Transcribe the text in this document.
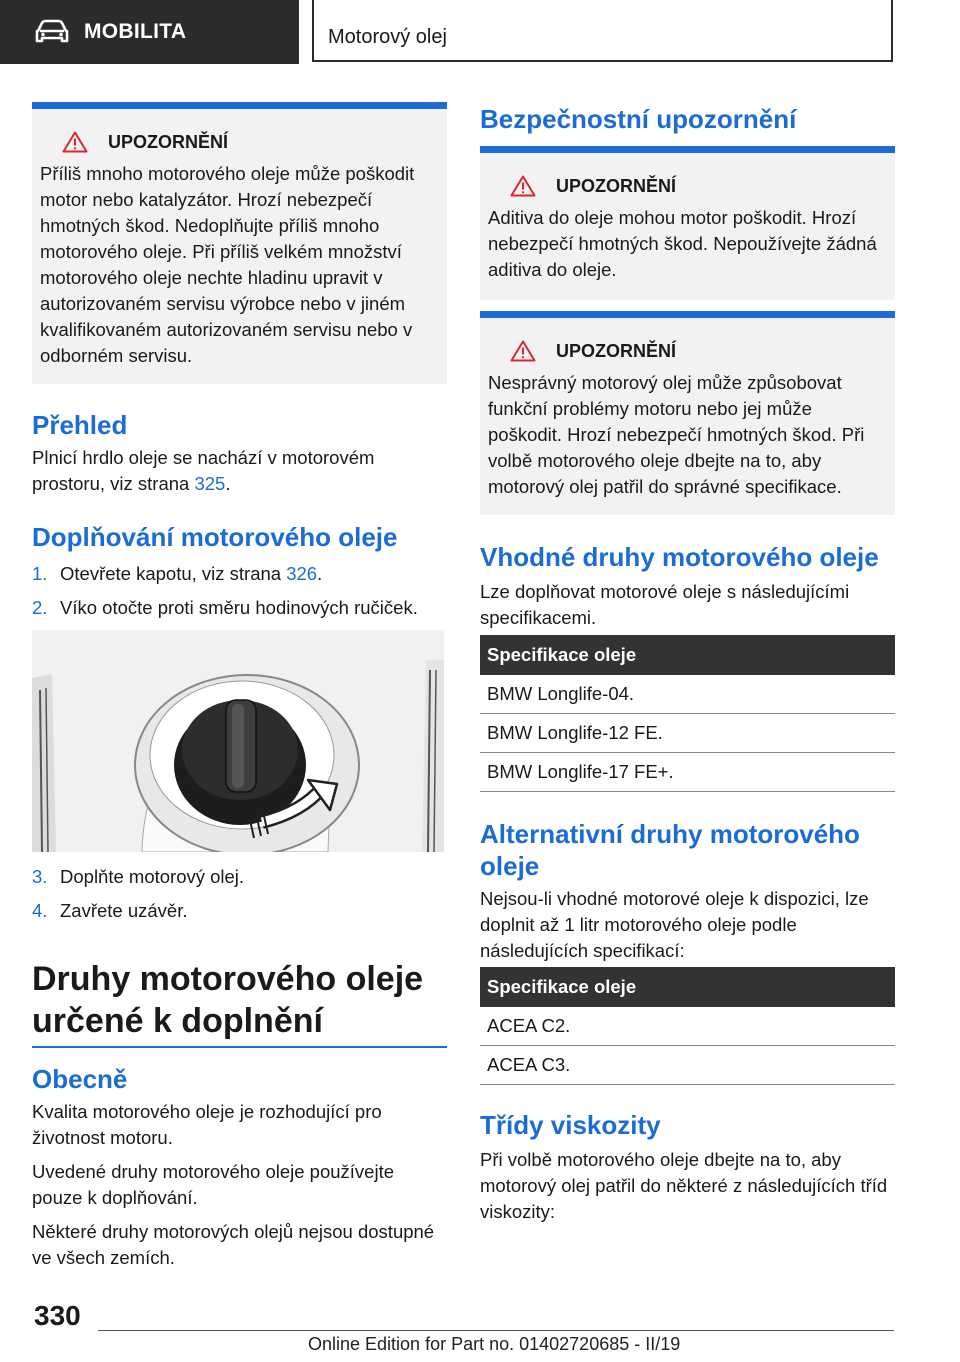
MOBILITA	Motorový olej
UPOZORNĚNÍ

Příliš mnoho motorového oleje může poškodit motor nebo katalyzátor. Hrozí nebezpečí hmotných škod. Nedoplňujte příliš mnoho motorového oleje. Při příliš velkém množství motorového oleje nechte hladinu upravit v autorizovaném servisu výrobce nebo v jiném kvalifikovaném autorizovaném servisu nebo v odborném servisu.

Přehled

Plnicí hrdlo oleje se nachází v motorovém prostoru, viz strana 325.

Doplňování motorového oleje
1. Otevřete kapotu, viz strana 326.
2. Víko otočte proti směru hodinových ručiček.
3. Doplňte motorový olej.
4. Zavřete uzávěr.
Druhy motorového oleje určené k doplnění
Obecně

Kvalita motorového oleje je rozhodující pro životnost motoru.

Uvedené druhy motorového oleje používejte pouze k doplňování.

Některé druhy motorových olejů nejsou dostupné ve všech zemích.

Bezpečnostní upozornění
UPOZORNĚNÍ

Aditiva do oleje mohou motor poškodit. Hrozí nebezpečí hmotných škod. Nepoužívejte žádná aditiva do oleje.

UPOZORNĚNÍ

Nesprávný motorový olej může způsobovat funkční problémy motoru nebo jej může poškodit. Hrozí nebezpečí hmotných škod. Při volbě motorového oleje dbejte na to, aby motorový olej patřil do správné specifikace.

Vhodné druhy motorového oleje

Lze doplňovat motorové oleje s následujícími specifikacemi.

Specifikace oleje
BMW Longlife-04.
BMW Longlife-12 FE.
BMW Longlife-17 FE+.
Alternativní druhy motorového oleje

Nejsou-li vhodné motorové oleje k dispozici, lze doplnit až 1 litr motorového oleje podle následujících specifikací:

Specifikace oleje
ACEA C2.
ACEA C3.
Třídy viskozity

Při volbě motorového oleje dbejte na to, aby motorový olej patřil do některé z následujících tříd viskozity:

330
Online Edition for Part no. 01402720685 - II/19
